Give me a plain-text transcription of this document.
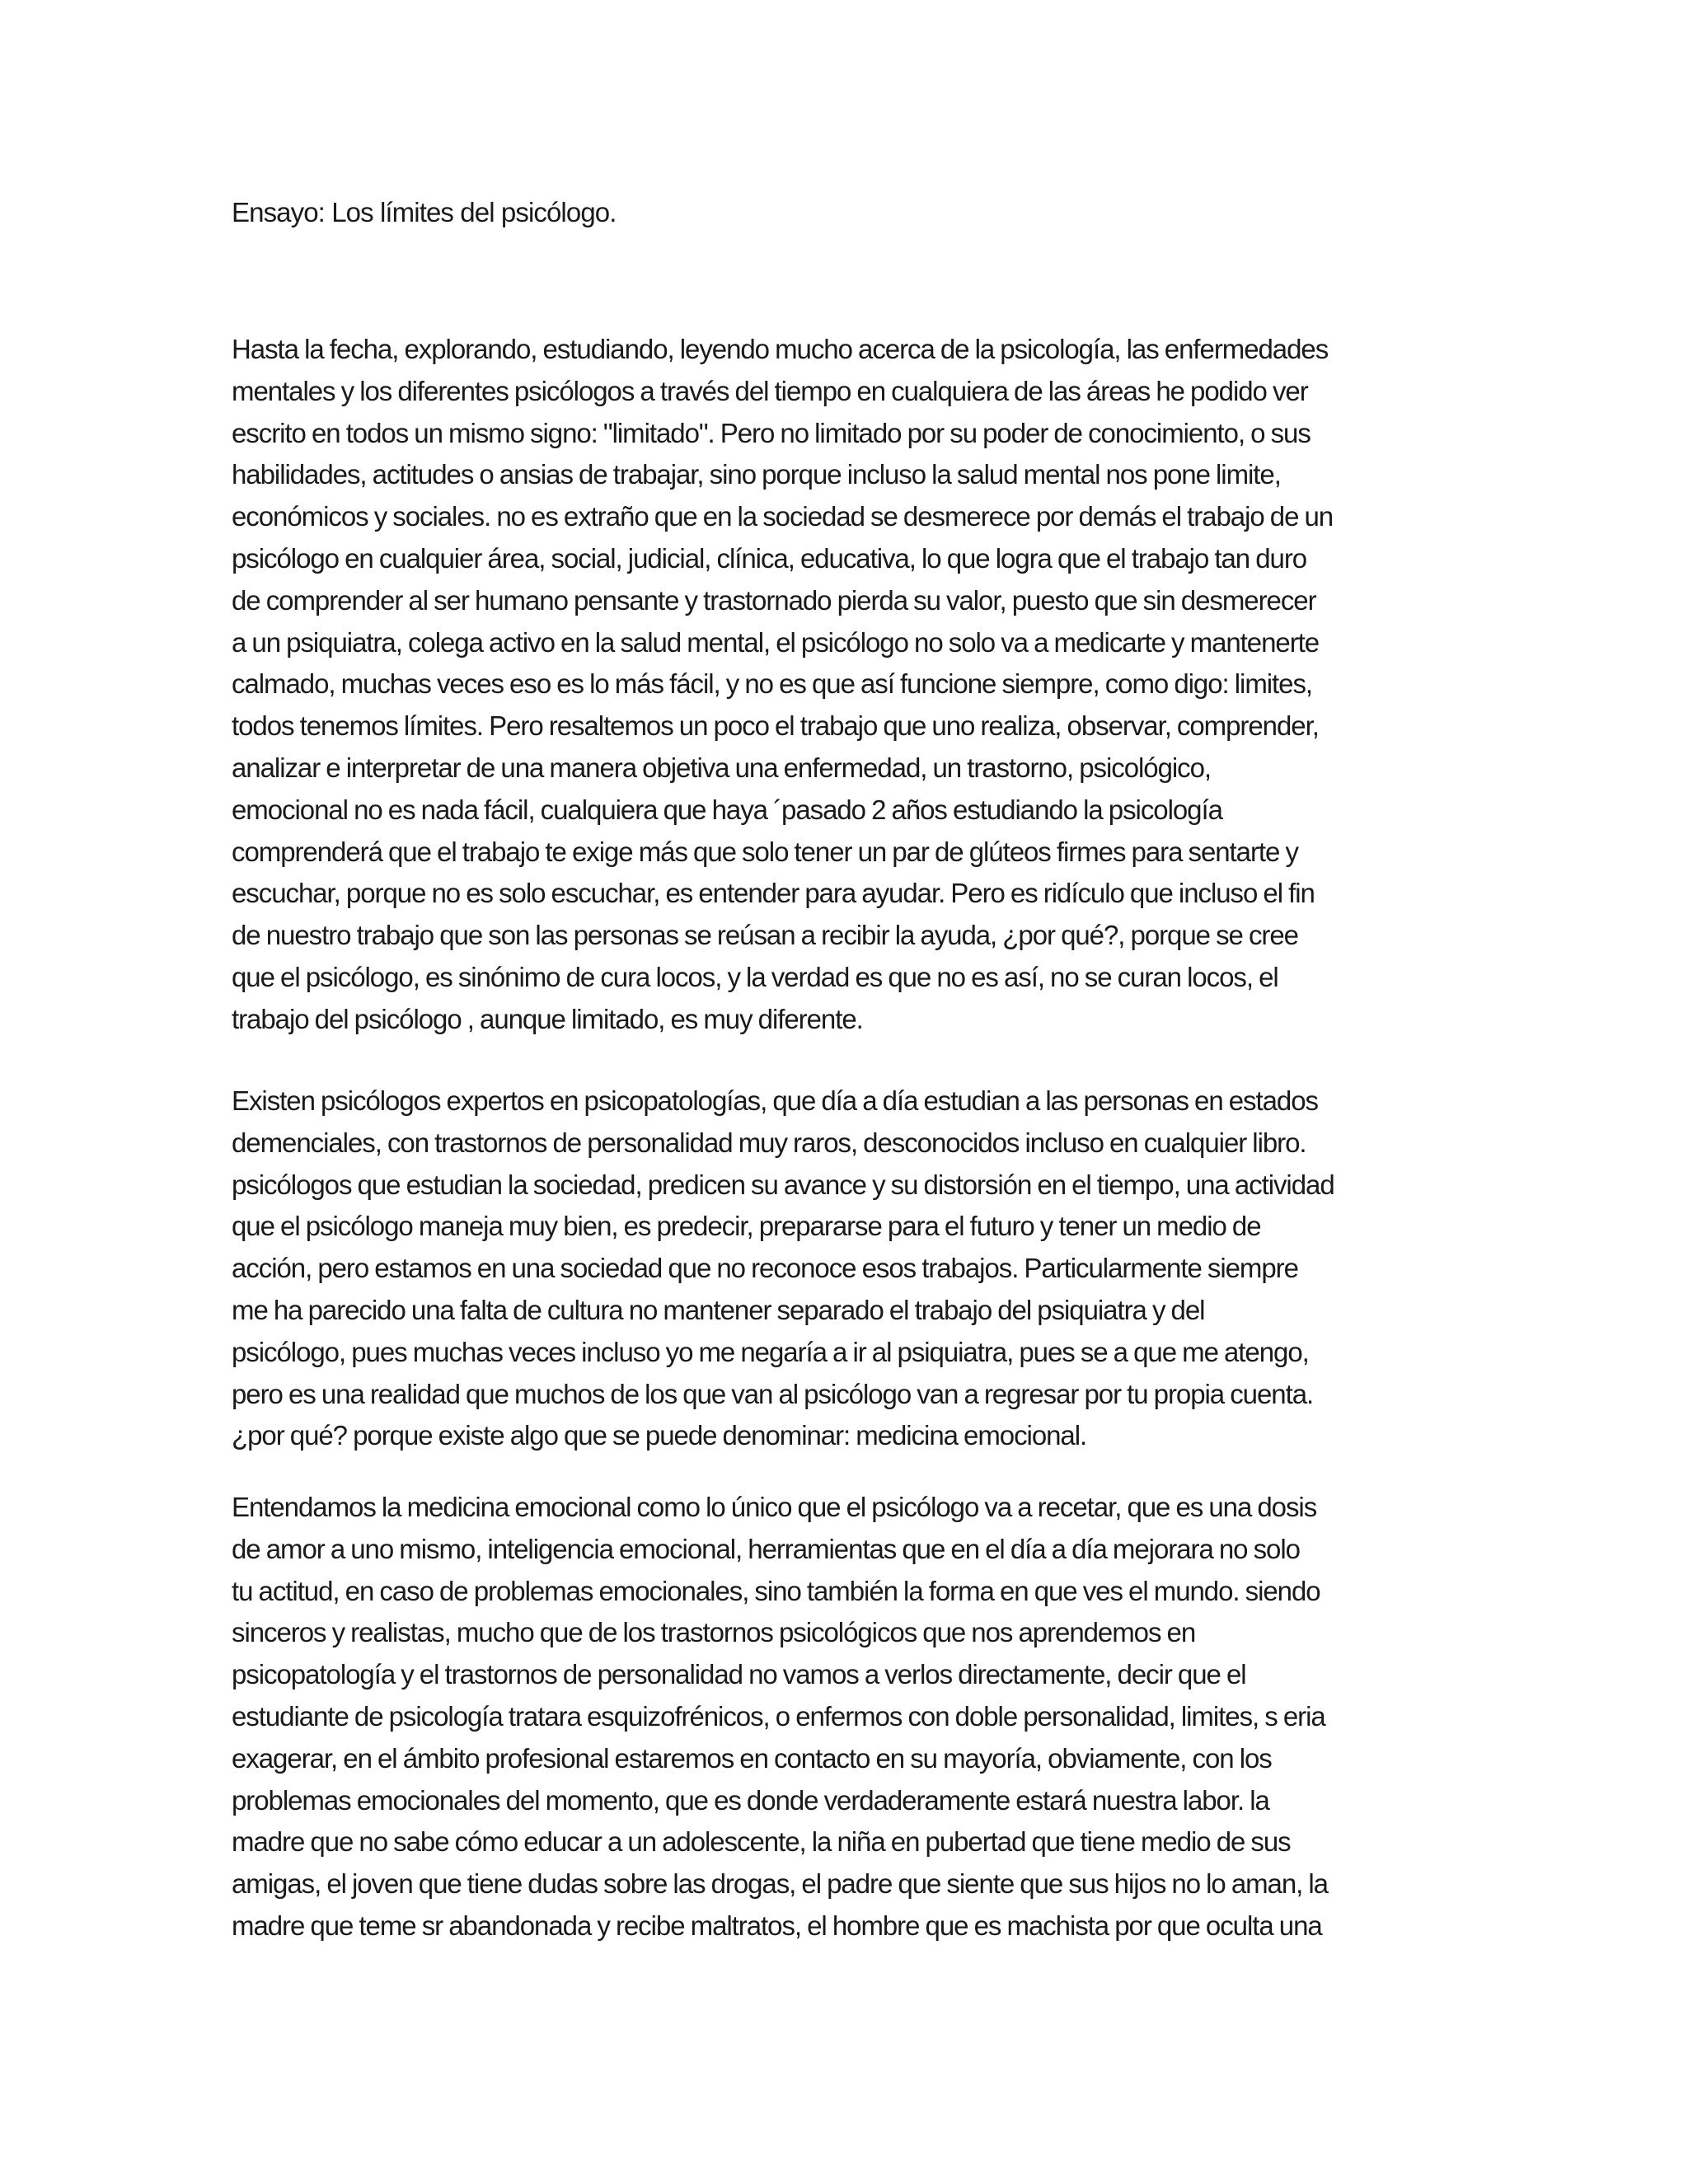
Ensayo: Los límites del psicólogo.
Hasta la fecha, explorando, estudiando, leyendo mucho acerca de la psicología, las enfermedades
mentales y los diferentes psicólogos a través del tiempo en cualquiera de las áreas he podido ver
escrito en todos un mismo signo: "limitado". Pero no limitado por su poder de conocimiento, o sus
habilidades, actitudes o ansias de trabajar, sino porque incluso la salud mental nos pone limite,
económicos y sociales. no es extraño que en la sociedad se desmerece por demás el trabajo de un
psicólogo en cualquier área, social, judicial, clínica, educativa, lo que logra que el trabajo tan duro
de comprender al ser humano pensante y trastornado pierda su valor, puesto que sin desmerecer
a un psiquiatra, colega activo en la salud mental, el psicólogo no solo va a medicarte y mantenerte
calmado, muchas veces eso es lo más fácil, y no es que así funcione siempre, como digo: limites,
todos tenemos límites. Pero resaltemos un poco el trabajo que uno realiza, observar, comprender,
analizar e interpretar de una manera objetiva una enfermedad, un trastorno, psicológico,
emocional no es nada fácil, cualquiera que haya ´pasado 2 años estudiando la psicología
comprenderá que el trabajo te exige más que solo tener un par de glúteos firmes para sentarte y
escuchar, porque no es solo escuchar, es entender para ayudar. Pero es ridículo que incluso el fin
de nuestro trabajo que son las personas se reúsan a recibir la ayuda, ¿por qué?, porque se cree
que el psicólogo, es sinónimo de cura locos, y la verdad es que no es así, no se curan locos, el
trabajo del psicólogo , aunque limitado, es muy diferente.
Existen psicólogos expertos en psicopatologías, que día a día estudian a las personas en estados
demenciales, con trastornos de personalidad muy raros, desconocidos incluso en cualquier libro.
psicólogos que estudian la sociedad, predicen su avance y su distorsión en el tiempo, una actividad
que el psicólogo maneja muy bien, es predecir, prepararse para el futuro y tener un medio de
acción, pero estamos en una sociedad que no reconoce esos trabajos. Particularmente siempre
me ha parecido una falta de cultura no mantener separado el trabajo del psiquiatra y del
psicólogo, pues muchas veces incluso yo me negaría a ir al psiquiatra, pues se a que me atengo,
pero es una realidad que muchos de los que van al psicólogo van a regresar por tu propia cuenta.
¿por qué? porque existe algo que se puede denominar: medicina emocional.
Entendamos la medicina emocional como lo único que el psicólogo va a recetar, que es una dosis
de amor a uno mismo, inteligencia emocional, herramientas que en el día a día mejorara no solo
tu actitud, en caso de problemas emocionales, sino también la forma en que ves el mundo. siendo
sinceros y realistas, mucho que de los trastornos psicológicos que nos aprendemos en
psicopatología y el trastornos de personalidad no vamos a verlos directamente, decir que el
estudiante de psicología tratara esquizofrénicos, o enfermos con doble personalidad, limites, s eria
exagerar, en el ámbito profesional estaremos en contacto en su mayoría, obviamente, con los
problemas emocionales del momento, que es donde verdaderamente estará nuestra labor. la
madre que no sabe cómo educar a un adolescente, la niña en pubertad que tiene medio de sus
amigas, el joven que tiene dudas sobre las drogas, el padre que siente que sus hijos no lo aman, la
madre que teme sr abandonada y recibe maltratos, el hombre que es machista por que oculta una
